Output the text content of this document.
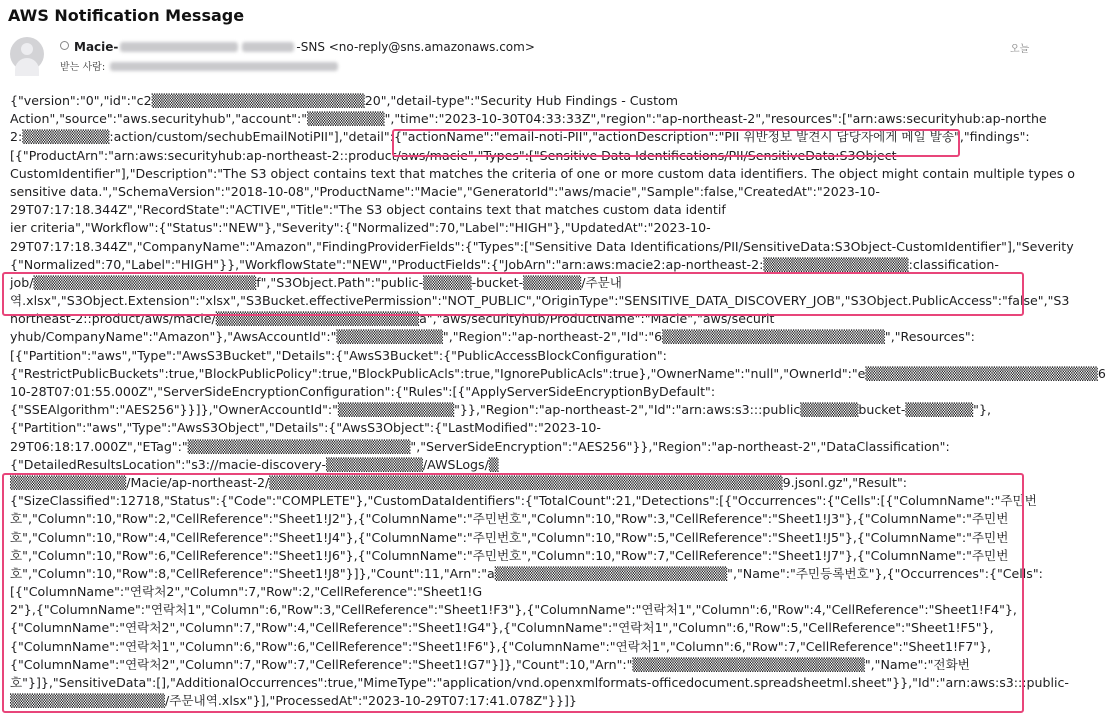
AWS Notification Message
Macie-	-SNS <no-reply@sns.amazonaws.com>
받는 사람:
오늘
{"version":"0","id":"c2▒▒▒▒▒▒▒▒▒▒▒▒▒▒▒▒▒▒▒▒▒▒20","detail-type":"Security Hub Findings - Custom
Action","source":"aws.securityhub","account":"▒▒▒▒▒▒▒▒","time":"2023-10-30T04:33:33Z","region":"ap-northeast-2","resources":["arn:aws:securityhub:ap-northe
2:▒▒▒▒▒▒▒▒▒:action/custom/sechubEmailNotiPII"],"detail":{"actionName":"email-noti-PII","actionDescription":"PII 위반정보 발견시 담당자에게 메일 발송","findings":
[{"ProductArn":"arn:aws:securityhub:ap-northeast-2::product/aws/macie","Types":["Sensitive Data Identifications/PII/SensitiveData:S3Object-
CustomIdentifier"],"Description":"The S3 object contains text that matches the criteria of one or more custom data identifiers. The object might contain multiple types o
sensitive data.","SchemaVersion":"2018-10-08","ProductName":"Macie","GeneratorId":"aws/macie","Sample":false,"CreatedAt":"2023-10-
29T07:17:18.344Z","RecordState":"ACTIVE","Title":"The S3 object contains text that matches custom data identif
ier criteria","Workflow":{"Status":"NEW"},"Severity":{"Normalized":70,"Label":"HIGH"},"UpdatedAt":"2023-10-
29T07:17:18.344Z","CompanyName":"Amazon","FindingProviderFields":{"Types":["Sensitive Data Identifications/PII/SensitiveData:S3Object-CustomIdentifier"],"Severity
{"Normalized":70,"Label":"HIGH"}},"WorkflowState":"NEW","ProductFields":{"JobArn":"arn:aws:macie2:ap-northeast-2:▒▒▒▒▒▒▒▒▒▒▒▒▒▒▒:classification-
job/▒▒▒▒▒▒▒▒▒▒▒▒▒▒▒▒▒▒▒▒▒▒▒f","S3Object.Path":"public-▒▒▒▒▒-bucket-▒▒▒▒▒▒/주문내
역.xlsx","S3Object.Extension":"xlsx","S3Bucket.effectivePermission":"NOT_PUBLIC","OriginType":"SENSITIVE_DATA_DISCOVERY_JOB","S3Object.PublicAccess":"false","S3
northeast-2::product/aws/macie/▒▒▒▒▒▒▒▒▒▒▒▒▒▒▒▒▒▒▒▒▒a","aws/securityhub/ProductName":"Macie","aws/securit
yhub/CompanyName":"Amazon"},"AwsAccountId":"▒▒▒▒▒▒▒▒▒▒▒","Region":"ap-northeast-2","Id":"6▒▒▒▒▒▒▒▒▒▒▒▒▒▒▒▒▒▒▒▒▒▒▒","Resources":
[{"Partition":"aws","Type":"AwsS3Bucket","Details":{"AwsS3Bucket":{"PublicAccessBlockConfiguration":
{"RestrictPublicBuckets":true,"BlockPublicPolicy":true,"BlockPublicAcls":true,"IgnorePublicAcls":true},"OwnerName":"null","OwnerId":"e▒▒▒▒▒▒▒▒▒▒▒▒▒▒▒▒▒▒▒▒▒▒▒▒6
10-28T07:01:55.000Z","ServerSideEncryptionConfiguration":{"Rules":[{"ApplyServerSideEncryptionByDefault":
{"SSEAlgorithm":"AES256"}}]},"OwnerAccountId":"▒▒▒▒▒▒▒▒▒▒▒▒"}},"Region":"ap-northeast-2","Id":"arn:aws:s3:::public▒▒▒▒▒▒bucket-▒▒▒▒▒▒▒"},
{"Partition":"aws","Type":"AwsS3Object","Details":{"AwsS3Object":{"LastModified":"2023-10-
29T06:18:17.000Z","ETag":"▒▒▒▒▒▒▒▒▒▒▒▒▒▒▒▒▒▒▒▒▒▒▒","ServerSideEncryption":"AES256"}},"Region":"ap-northeast-2","DataClassification":
{"DetailedResultsLocation":"s3://macie-discovery-▒▒▒▒▒▒▒▒▒▒/AWSLogs/▒
▒▒▒▒▒▒▒▒▒▒▒▒/Macie/ap-northeast-2/▒▒▒▒▒▒▒▒▒▒▒▒▒▒▒▒▒▒▒▒▒▒▒▒▒▒▒▒▒▒▒▒▒▒▒▒▒▒▒▒▒▒▒▒▒▒▒▒▒▒▒▒▒9.jsonl.gz","Result":
{"SizeClassified":12718,"Status":{"Code":"COMPLETE"},"CustomDataIdentifiers":{"TotalCount":21,"Detections":[{"Occurrences":{"Cells":[{"ColumnName":"주민번
호","Column":10,"Row":2,"CellReference":"Sheet1!J2"},{"ColumnName":"주민번호","Column":10,"Row":3,"CellReference":"Sheet1!J3"},{"ColumnName":"주민번
호","Column":10,"Row":4,"CellReference":"Sheet1!J4"},{"ColumnName":"주민번호","Column":10,"Row":5,"CellReference":"Sheet1!J5"},{"ColumnName":"주민번
호","Column":10,"Row":6,"CellReference":"Sheet1!J6"},{"ColumnName":"주민번호","Column":10,"Row":7,"CellReference":"Sheet1!J7"},{"ColumnName":"주민번
호","Column":10,"Row":8,"CellReference":"Sheet1!J8"}]},"Count":11,"Arn":"a▒▒▒▒▒▒▒▒▒▒▒▒▒▒▒▒▒▒▒▒▒▒▒▒","Name":"주민등록번호"},{"Occurrences":{"Cells":
[{"ColumnName":"연락처2","Column":7,"Row":2,"CellReference":"Sheet1!G
2"},{"ColumnName":"연락처1","Column":6,"Row":3,"CellReference":"Sheet1!F3"},{"ColumnName":"연락처1","Column":6,"Row":4,"CellReference":"Sheet1!F4"},
{"ColumnName":"연락처2","Column":7,"Row":4,"CellReference":"Sheet1!G4"},{"ColumnName":"연락처1","Column":6,"Row":5,"CellReference":"Sheet1!F5"},
{"ColumnName":"연락처1","Column":6,"Row":6,"CellReference":"Sheet1!F6"},{"ColumnName":"연락처1","Column":6,"Row":7,"CellReference":"Sheet1!F7"},
{"ColumnName":"연락처2","Column":7,"Row":7,"CellReference":"Sheet1!G7"}]},"Count":10,"Arn":"▒▒▒▒▒▒▒▒▒▒▒▒▒▒▒▒▒▒▒▒▒▒▒▒","Name":"전화번
호"}]},"SensitiveData":[],"AdditionalOccurrences":true,"MimeType":"application/vnd.openxmlformats-officedocument.spreadsheetml.sheet"}},"Id":"arn:aws:s3:::public-
▒▒▒▒▒▒▒▒▒▒▒▒▒▒▒▒/주문내역.xlsx"}],"ProcessedAt":"2023-10-29T07:17:41.078Z"}}]}
